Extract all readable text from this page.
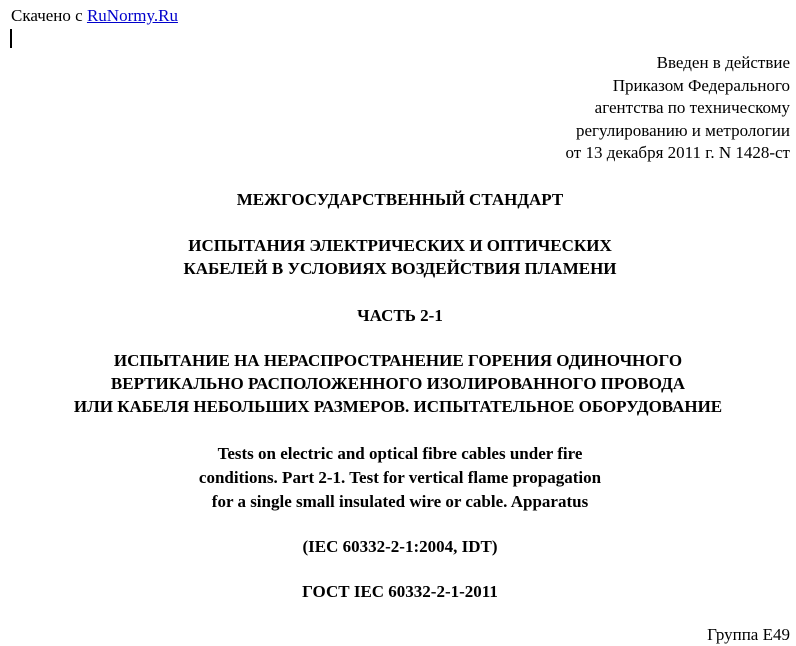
Скачено с RuNormy.Ru
Введен в действие
Приказом Федерального
агентства по техническому
регулированию и метрологии
от 13 декабря 2011 г. N 1428-ст
МЕЖГОСУДАРСТВЕННЫЙ СТАНДАРТ
ИСПЫТАНИЯ ЭЛЕКТРИЧЕСКИХ И ОПТИЧЕСКИХ
КАБЕЛЕЙ В УСЛОВИЯХ ВОЗДЕЙСТВИЯ ПЛАМЕНИ
ЧАСТЬ 2-1
ИСПЫТАНИЕ НА НЕРАСПРОСТРАНЕНИЕ ГОРЕНИЯ ОДИНОЧНОГО
ВЕРТИКАЛЬНО РАСПОЛОЖЕННОГО ИЗОЛИРОВАННОГО ПРОВОДА
ИЛИ КАБЕЛЯ НЕБОЛЬШИХ РАЗМЕРОВ. ИСПЫТАТЕЛЬНОЕ ОБОРУДОВАНИЕ
Tests on electric and optical fibre cables under fire
conditions. Part 2-1. Test for vertical flame propagation
for a single small insulated wire or cable. Apparatus
(IEC 60332-2-1:2004, IDT)
ГОСТ IEC 60332-2-1-2011
Группа Е49
